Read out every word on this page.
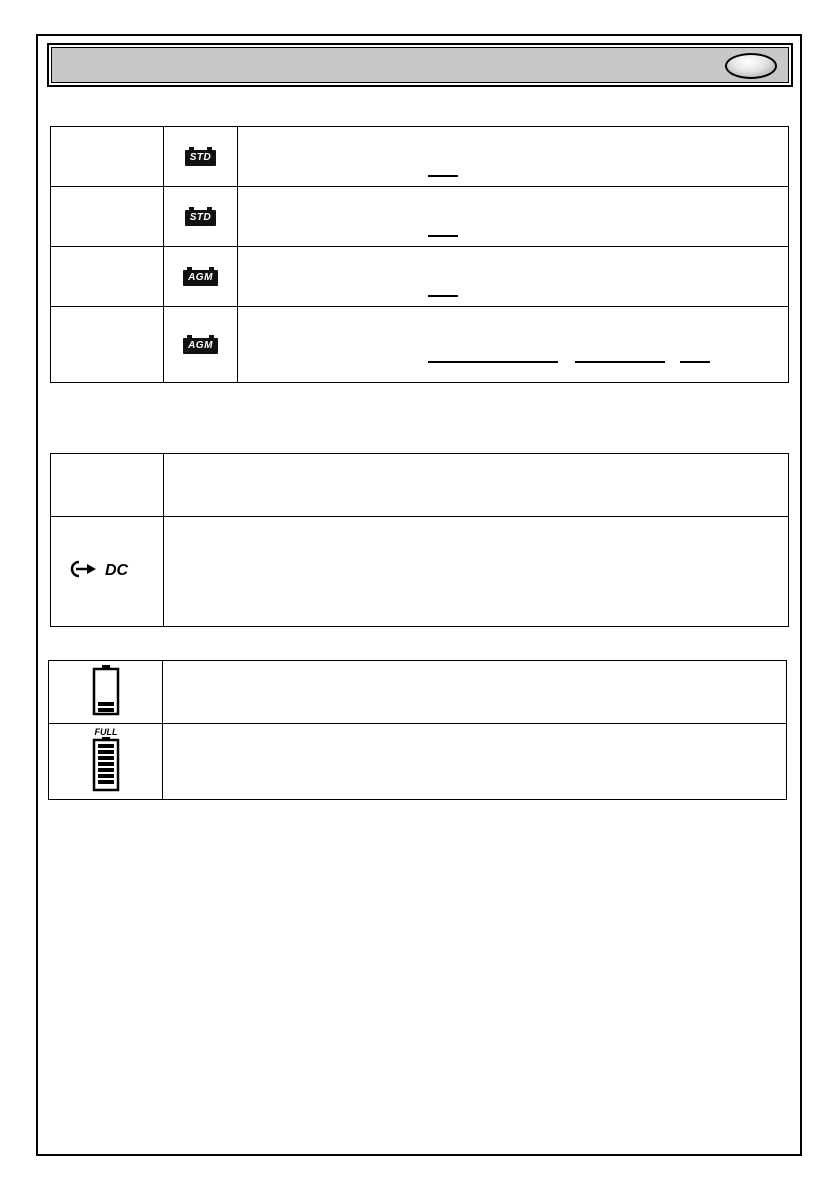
	STD	

	STD	

	AGM	

	AGM	

DC	

FULL	
